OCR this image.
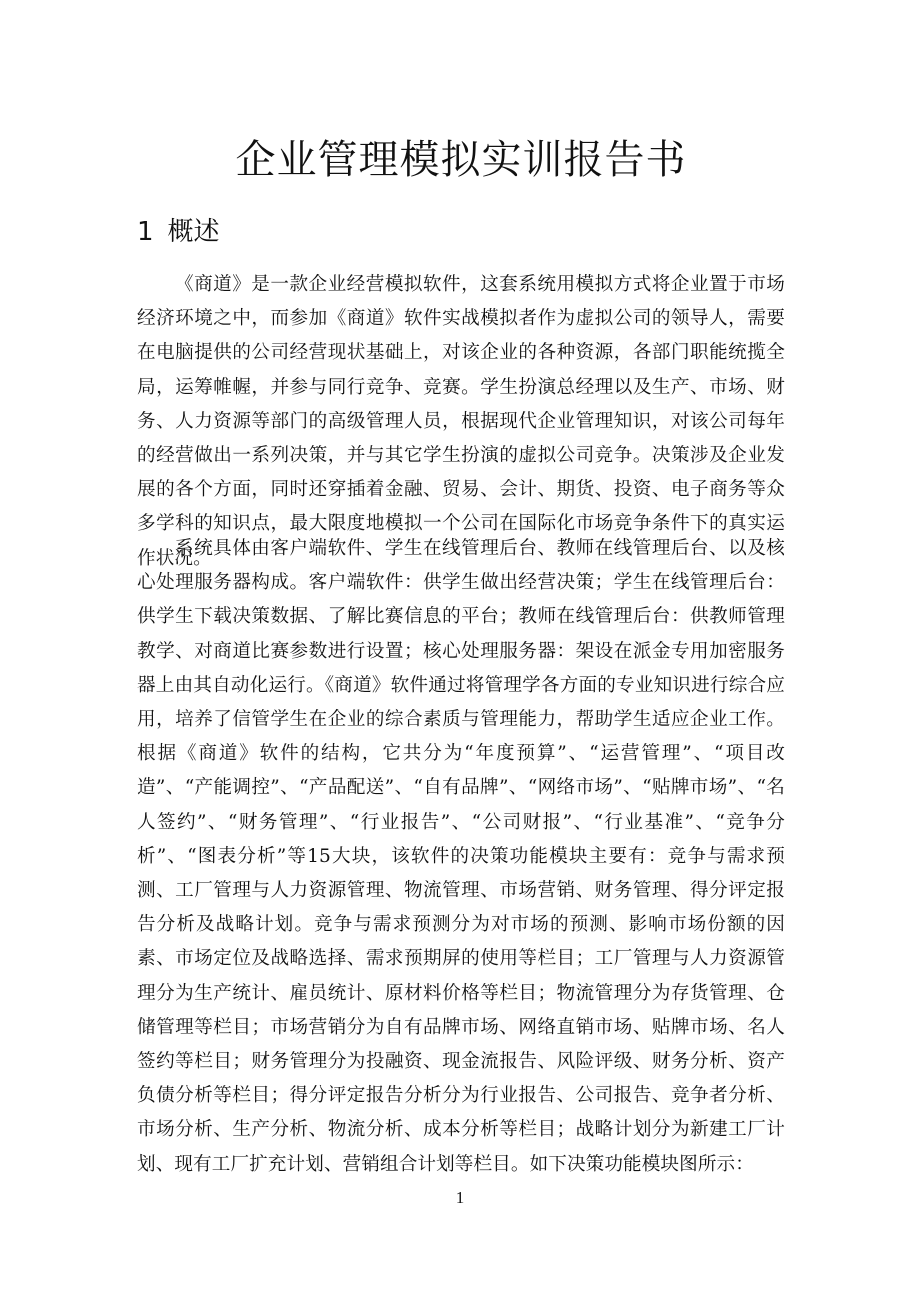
企业管理模拟实训报告书
1 概述

《商道》是一款企业经营模拟软件，这套系统用模拟方式将企业置于市场经济环境之中，而参加《商道》软件实战模拟者作为虚拟公司的领导人，需要在电脑提供的公司经营现状基础上，对该企业的各种资源，各部门职能统揽全局，运筹帷幄，并参与同行竞争、竞赛。学生扮演总经理以及生产、市场、财务、人力资源等部门的高级管理人员，根据现代企业管理知识，对该公司每年的经营做出一系列决策，并与其它学生扮演的虚拟公司竞争。决策涉及企业发展的各个方面，同时还穿插着金融、贸易、会计、期货、投资、电子商务等众多学科的知识点，最大限度地模拟一个公司在国际化市场竞争条件下的真实运作状况。

系统具体由客户端软件、学生在线管理后台、教师在线管理后台、以及核心处理服务器构成。客户端软件：供学生做出经营决策；学生在线管理后台：供学生下载决策数据、了解比赛信息的平台；教师在线管理后台：供教师管理教学、对商道比赛参数进行设置；核心处理服务器：架设在派金专用加密服务器上由其自动化运行。《商道》软件通过将管理学各方面的专业知识进行综合应用，培养了信管学生在企业的综合素质与管理能力，帮助学生适应企业工作。根据《商道》软件的结构，它共分为“年度预算”、“运营管理”、“项目改造”、“产能调控”、“产品配送”、“自有品牌”、“网络市场”、“贴牌市场”、“名人签约”、“财务管理”、“行业报告”、“公司财报”、“行业基准”、“竞争分析”、“图表分析”等15大块，该软件的决策功能模块主要有：竞争与需求预测、工厂管理与人力资源管理、物流管理、市场营销、财务管理、得分评定报告分析及战略计划。竞争与需求预测分为对市场的预测、影响市场份额的因素、市场定位及战略选择、需求预期屏的使用等栏目；工厂管理与人力资源管理分为生产统计、雇员统计、原材料价格等栏目；物流管理分为存货管理、仓储管理等栏目；市场营销分为自有品牌市场、网络直销市场、贴牌市场、名人签约等栏目；财务管理分为投融资、现金流报告、风险评级、财务分析、资产负债分析等栏目；得分评定报告分析分为行业报告、公司报告、竞争者分析、市场分析、生产分析、物流分析、成本分析等栏目；战略计划分为新建工厂计划、现有工厂扩充计划、营销组合计划等栏目。如下决策功能模块图所示：

1
